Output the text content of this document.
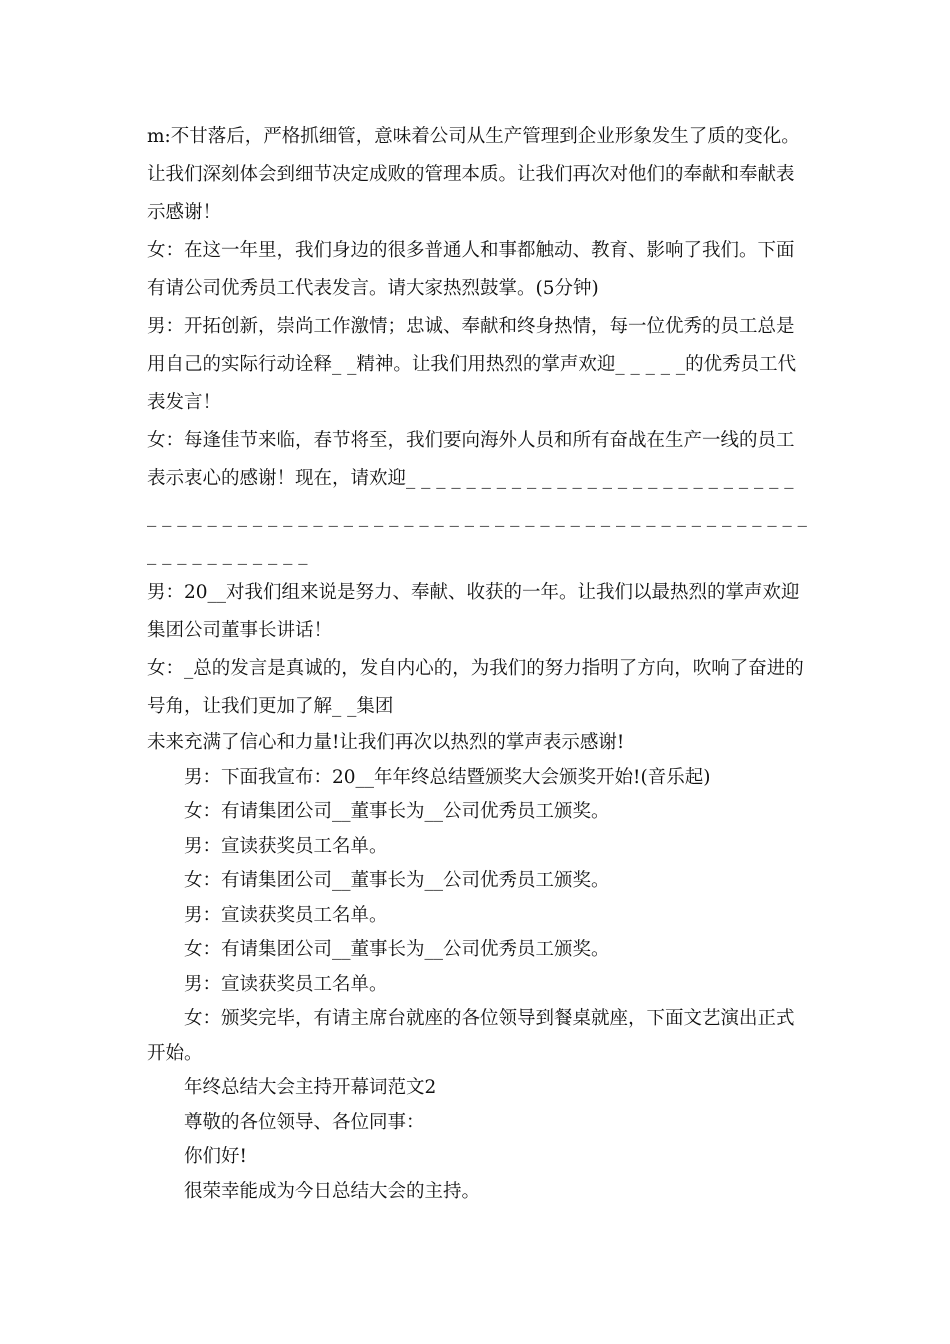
m:不甘落后，严格抓细管，意味着公司从生产管理到企业形象发生了质的变化。让我们深刻体会到细节决定成败的管理本质。让我们再次对他们的奉献和奉献表示感谢！

女：在这一年里，我们身边的很多普通人和事都触动、教育、影响了我们。下面有请公司优秀员工代表发言。请大家热烈鼓掌。(5分钟)

男：开拓创新，崇尚工作激情；忠诚、奉献和终身热情，每一位优秀的员工总是用自己的实际行动诠释_ _精神。让我们用热烈的掌声欢迎_ _ _ _ _的优秀员工代表发言！

女：每逢佳节来临，春节将至，我们要向海外人员和所有奋战在生产一线的员工表示衷心的感谢！现在，请欢迎_ _ _ _ _ _ _ _ _ _ _ _ _ _ _ _ _ _ _ _ _ _ _ _ _ _ _ _ _ _ _ _ _ _ _ _ _ _ _ _ _ _ _ _ _ _ _ _ _ _ _ _ _ _ _ _ _ _ _ _ _ _ _ _ _ _ _ _ _ _ _ _ _ _ _ _ _ _ _ _ _

男：20__对我们组来说是努力、奉献、收获的一年。让我们以最热烈的掌声欢迎集团公司董事长讲话！

女：_总的发言是真诚的，发自内心的，为我们的努力指明了方向，吹响了奋进的号角，让我们更加了解_ _集团

未来充满了信心和力量!让我们再次以热烈的掌声表示感谢!

男：下面我宣布：20__年年终总结暨颁奖大会颁奖开始!(音乐起)

女：有请集团公司__董事长为__公司优秀员工颁奖。

男：宣读获奖员工名单。

女：有请集团公司__董事长为__公司优秀员工颁奖。

男：宣读获奖员工名单。

女：有请集团公司__董事长为__公司优秀员工颁奖。

男：宣读获奖员工名单。

女：颁奖完毕，有请主席台就座的各位领导到餐桌就座，下面文艺演出正式开始。

年终总结大会主持开幕词范文2

尊敬的各位领导、各位同事：

你们好!

很荣幸能成为今日总结大会的主持。
